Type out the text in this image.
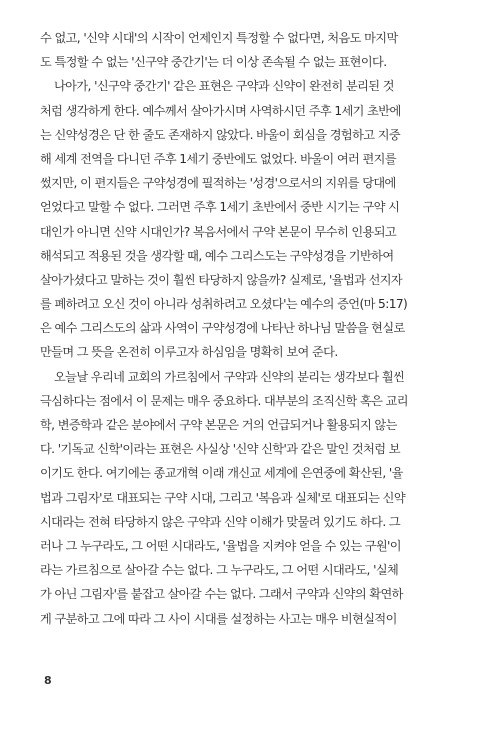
수 없고, '신약 시대'의 시작이 언제인지 특정할 수 없다면, 처음도 마지막
도 특정할 수 없는 '신구약 중간기'는 더 이상 존속될 수 없는 표현이다.

나아가, '신구약 중간기' 같은 표현은 구약과 신약이 완전히 분리된 것
처럼 생각하게 한다. 예수께서 살아가시며 사역하시던 주후 1세기 초반에
는 신약성경은 단 한 줄도 존재하지 않았다. 바울이 회심을 경험하고 지중
해 세계 전역을 다니던 주후 1세기 중반에도 없었다. 바울이 여러 편지를
썼지만, 이 편지들은 구약성경에 필적하는 '성경'으로서의 지위를 당대에
얻었다고 말할 수 없다. 그러면 주후 1세기 초반에서 중반 시기는 구약 시
대인가 아니면 신약 시대인가? 복음서에서 구약 본문이 무수히 인용되고
해석되고 적용된 것을 생각할 때, 예수 그리스도는 구약성경을 기반하여
살아가셨다고 말하는 것이 훨씬 타당하지 않을까? 실제로, '율법과 선지자
를 폐하려고 오신 것이 아니라 성취하려고 오셨다'는 예수의 증언(마 5:17)
은 예수 그리스도의 삶과 사역이 구약성경에 나타난 하나님 말씀을 현실로
만들며 그 뜻을 온전히 이루고자 하심임을 명확히 보여 준다.

오늘날 우리네 교회의 가르침에서 구약과 신약의 분리는 생각보다 훨씬
극심하다는 점에서 이 문제는 매우 중요하다. 대부분의 조직신학 혹은 교리
학, 변증학과 같은 분야에서 구약 본문은 거의 언급되거나 활용되지 않는
다. '기독교 신학'이라는 표현은 사실상 '신약 신학'과 같은 말인 것처럼 보
이기도 한다. 여기에는 종교개혁 이래 개신교 세계에 은연중에 확산된, '율
법과 그림자'로 대표되는 구약 시대, 그리고 '복음과 실체'로 대표되는 신약
시대라는 전혀 타당하지 않은 구약과 신약 이해가 맞물려 있기도 하다. 그
러나 그 누구라도, 그 어떤 시대라도, '율법을 지켜야 얻을 수 있는 구원'이
라는 가르침으로 살아갈 수는 없다. 그 누구라도, 그 어떤 시대라도, '실체
가 아닌 그림자'를 붙잡고 살아갈 수는 없다. 그래서 구약과 신약의 확연하
게 구분하고 그에 따라 그 사이 시대를 설정하는 사고는 매우 비현실적이

8
